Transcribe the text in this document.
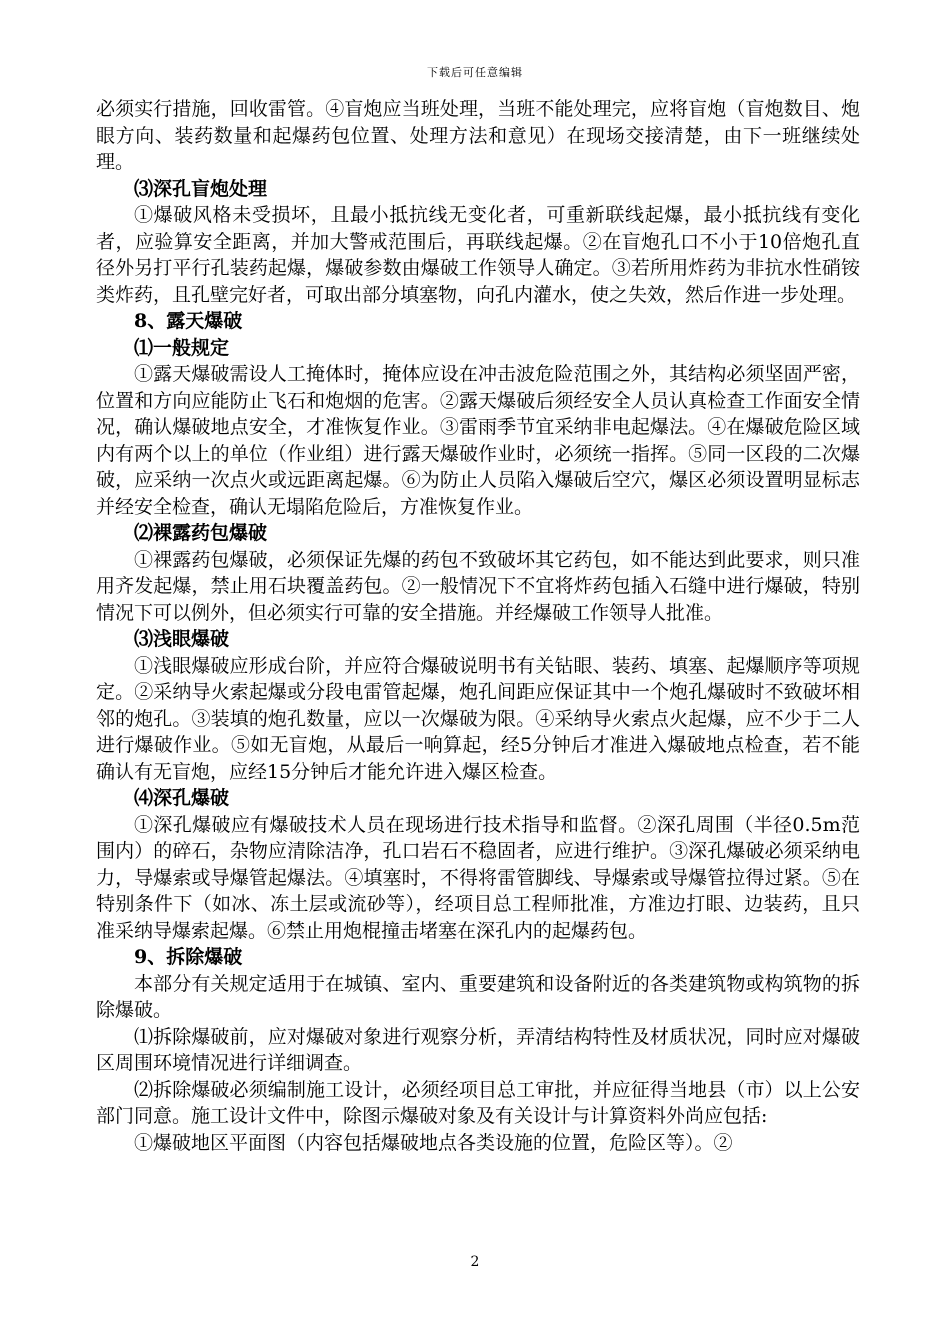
下载后可任意编辑

必须实行措施，回收雷管。④盲炮应当班处理，当班不能处理完，应将盲炮（盲炮数目、炮眼方向、装药数量和起爆药包位置、处理方法和意见）在现场交接清楚，由下一班继续处理。

⑶深孔盲炮处理

①爆破风格未受损坏，且最小抵抗线无变化者，可重新联线起爆，最小抵抗线有变化者，应验算安全距离，并加大警戒范围后，再联线起爆。②在盲炮孔口不小于10倍炮孔直径外另打平行孔装药起爆，爆破参数由爆破工作领导人确定。③若所用炸药为非抗水性硝铵类炸药，且孔壁完好者，可取出部分填塞物，向孔内灌水，使之失效，然后作进一步处理。

8、露天爆破

⑴一般规定

①露天爆破需设人工掩体时，掩体应设在冲击波危险范围之外，其结构必须坚固严密，位置和方向应能防止飞石和炮烟的危害。②露天爆破后须经安全人员认真检查工作面安全情况，确认爆破地点安全，才准恢复作业。③雷雨季节宜采纳非电起爆法。④在爆破危险区域内有两个以上的单位（作业组）进行露天爆破作业时，必须统一指挥。⑤同一区段的二次爆破，应采纳一次点火或远距离起爆。⑥为防止人员陷入爆破后空穴，爆区必须设置明显标志并经安全检查，确认无塌陷危险后，方准恢复作业。

⑵裸露药包爆破

①裸露药包爆破，必须保证先爆的药包不致破坏其它药包，如不能达到此要求，则只准用齐发起爆，禁止用石块覆盖药包。②一般情况下不宜将炸药包插入石缝中进行爆破，特别情况下可以例外，但必须实行可靠的安全措施。并经爆破工作领导人批准。

⑶浅眼爆破

①浅眼爆破应形成台阶，并应符合爆破说明书有关钻眼、装药、填塞、起爆顺序等项规定。②采纳导火索起爆或分段电雷管起爆，炮孔间距应保证其中一个炮孔爆破时不致破坏相邻的炮孔。③装填的炮孔数量，应以一次爆破为限。④采纳导火索点火起爆，应不少于二人进行爆破作业。⑤如无盲炮，从最后一响算起，经5分钟后才准进入爆破地点检查，若不能确认有无盲炮，应经15分钟后才能允许进入爆区检查。

⑷深孔爆破

①深孔爆破应有爆破技术人员在现场进行技术指导和监督。②深孔周围（半径0.5m范围内）的碎石，杂物应清除洁净，孔口岩石不稳固者，应进行维护。③深孔爆破必须采纳电力，导爆索或导爆管起爆法。④填塞时，不得将雷管脚线、导爆索或导爆管拉得过紧。⑤在特别条件下（如冰、冻土层或流砂等），经项目总工程师批准，方准边打眼、边装药，且只准采纳导爆索起爆。⑥禁止用炮棍撞击堵塞在深孔内的起爆药包。

9、拆除爆破

本部分有关规定适用于在城镇、室内、重要建筑和设备附近的各类建筑物或构筑物的拆除爆破。

⑴拆除爆破前，应对爆破对象进行观察分析，弄清结构特性及材质状况，同时应对爆破区周围环境情况进行详细调查。

⑵拆除爆破必须编制施工设计，必须经项目总工审批，并应征得当地县（市）以上公安部门同意。施工设计文件中，除图示爆破对象及有关设计与计算资料外尚应包括:

①爆破地区平面图（内容包括爆破地点各类设施的位置，危险区等）。②

2
